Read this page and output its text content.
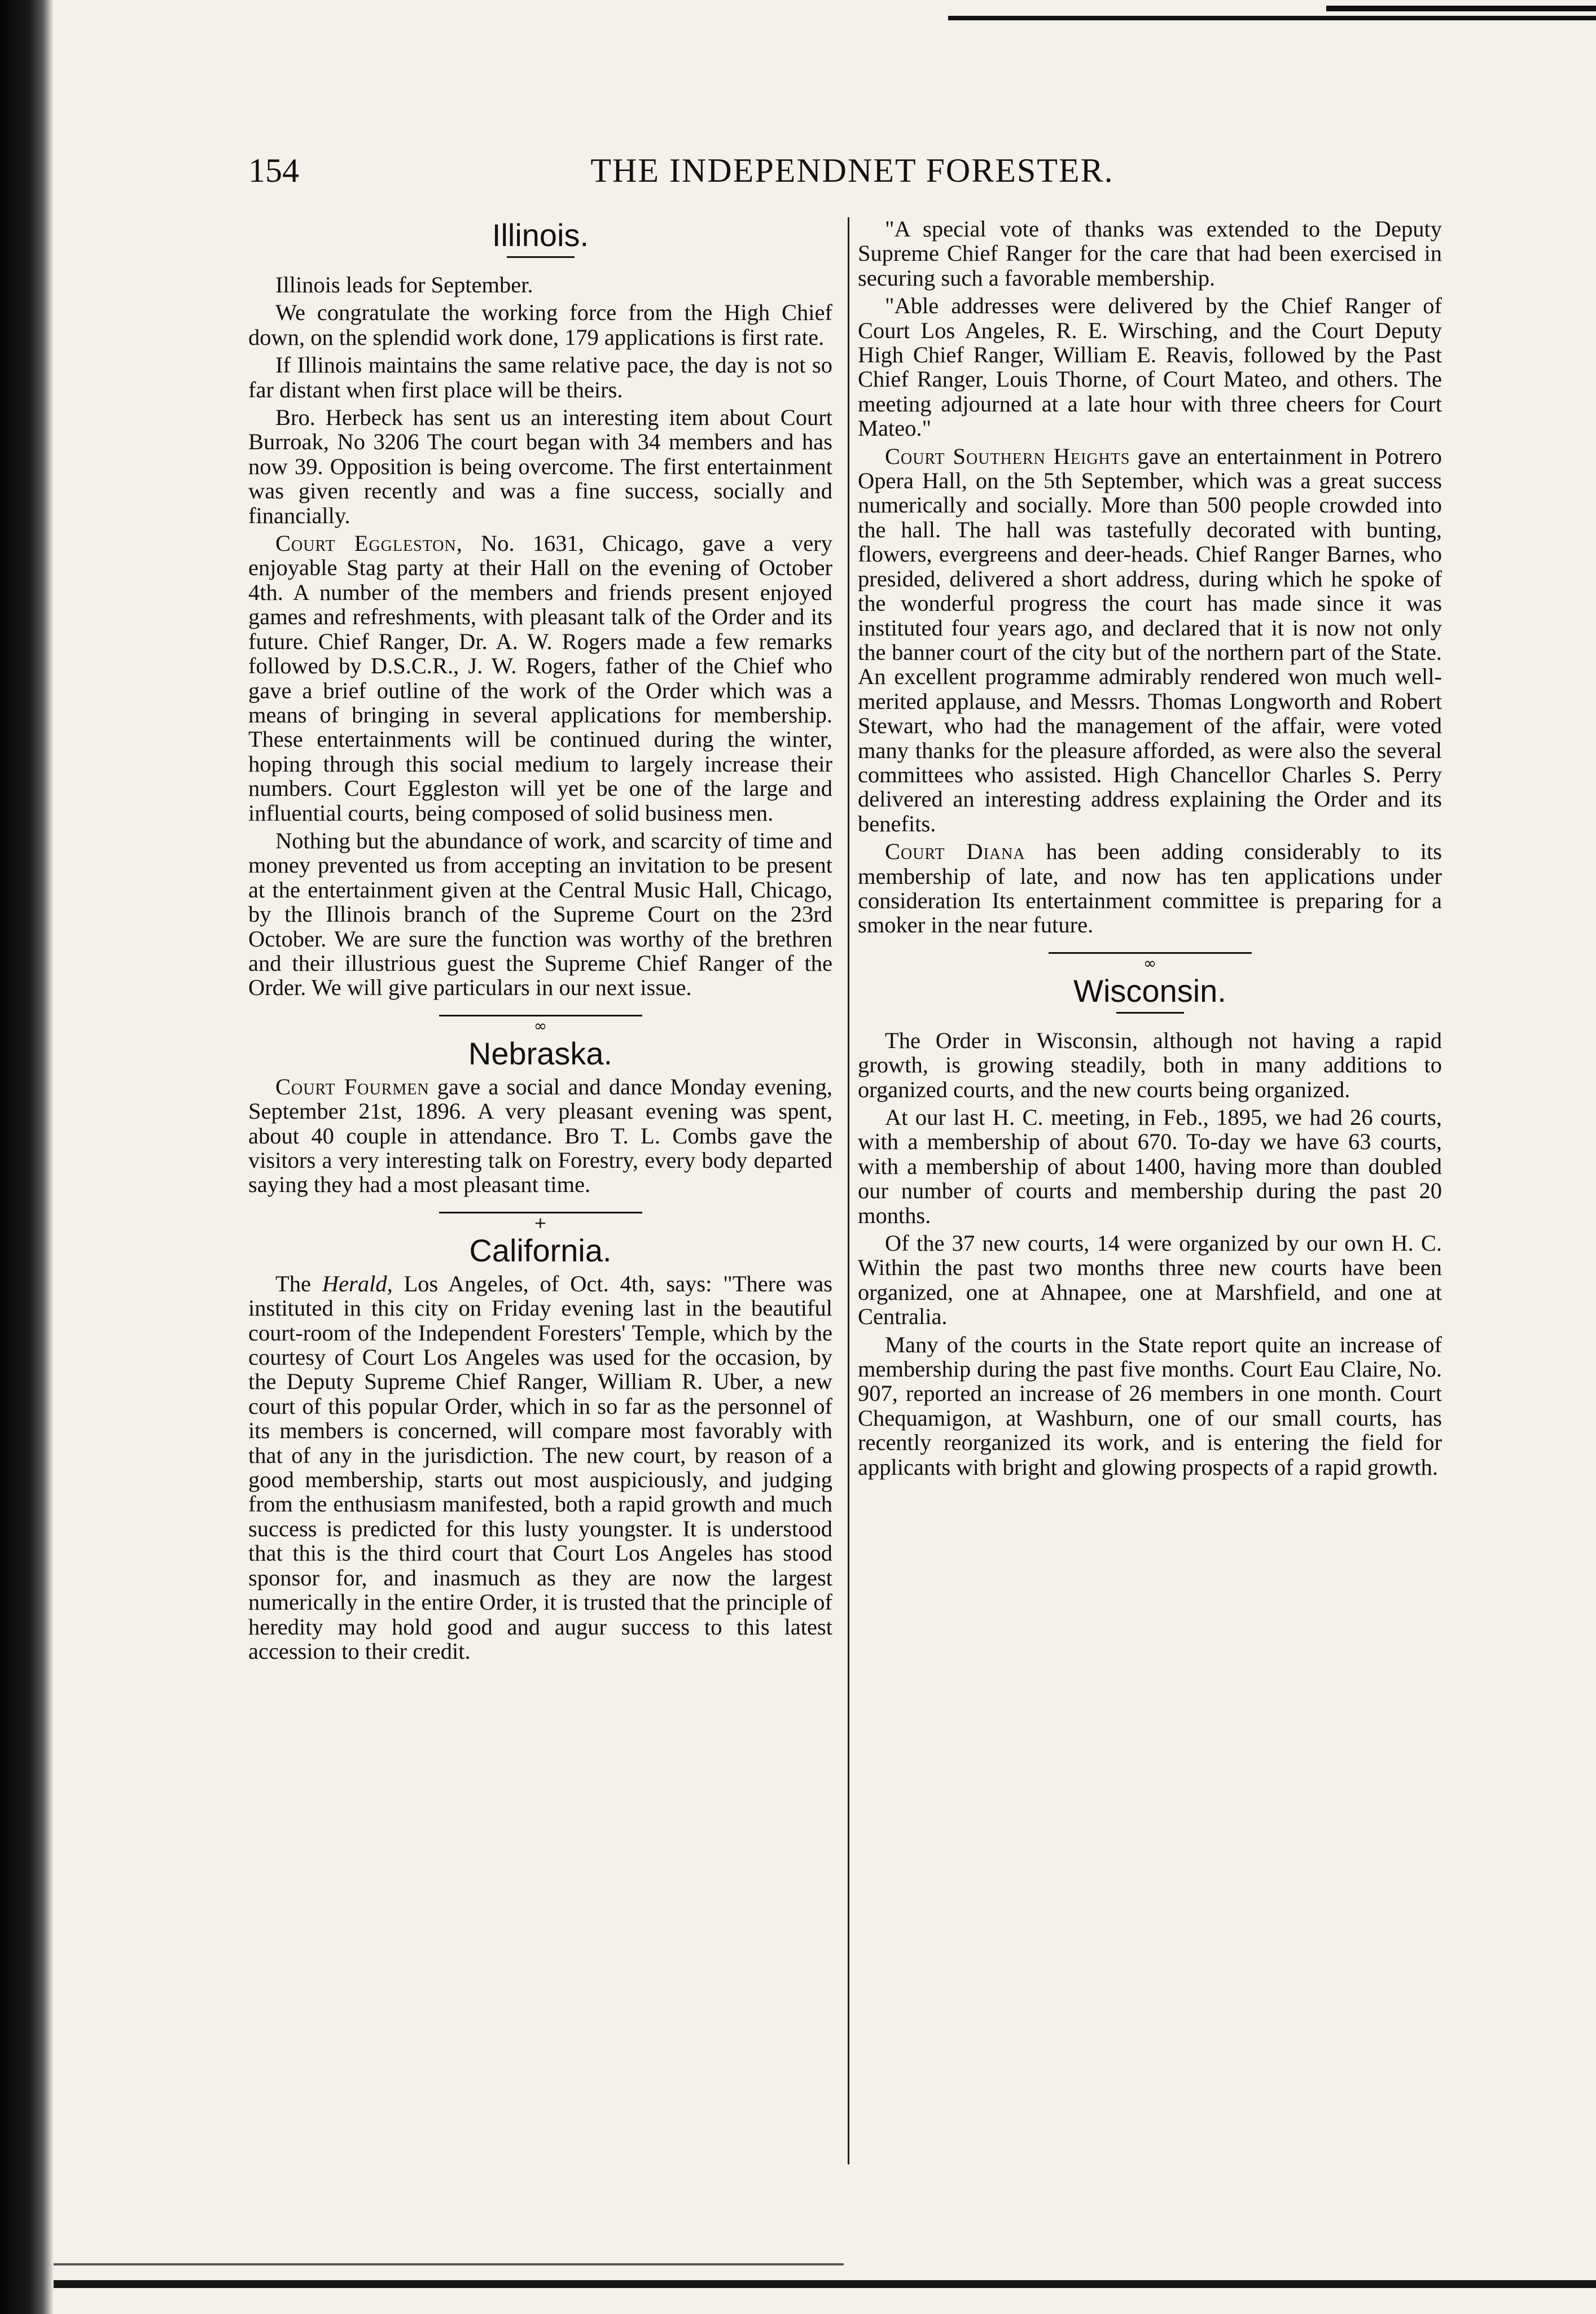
154	THE INDEPENDNET FORESTER.
Illinois.

Illinois leads for September.

We congratulate the working force from the High Chief down, on the splendid work done, 179 applications is first rate.

If Illinois maintains the same relative pace, the day is not so far distant when first place will be theirs.

Bro. Herbeck has sent us an interesting item about Court Burroak, No 3206 The court began with 34 members and has now 39. Opposition is being overcome. The first entertainment was given recently and was a fine success, socially and financially.

Court Eggleston, No. 1631, Chicago, gave a very enjoyable Stag party at their Hall on the evening of October 4th. A number of the members and friends present enjoyed games and refreshments, with pleasant talk of the Order and its future. Chief Ranger, Dr. A. W. Rogers made a few remarks followed by D.S.C.R., J. W. Rogers, father of the Chief who gave a brief outline of the work of the Order which was a means of bringing in several applications for membership. These entertainments will be continued during the winter, hoping through this social medium to largely increase their numbers. Court Eggleston will yet be one of the large and influential courts, being composed of solid business men.

Nothing but the abundance of work, and scarcity of time and money prevented us from accepting an invitation to be present at the entertainment given at the Central Music Hall, Chicago, by the Illinois branch of the Supreme Court on the 23rd October. We are sure the function was worthy of the brethren and their illustrious guest the Supreme Chief Ranger of the Order. We will give particulars in our next issue.

∞
Nebraska.

Court Fourmen gave a social and dance Monday evening, September 21st, 1896. A very pleasant evening was spent, about 40 couple in attendance. Bro T. L. Combs gave the visitors a very interesting talk on Forestry, every body departed saying they had a most pleasant time.

+
California.

The Herald, Los Angeles, of Oct. 4th, says: "There was instituted in this city on Friday evening last in the beautiful court-room of the Independent Foresters' Temple, which by the courtesy of Court Los Angeles was used for the occasion, by the Deputy Supreme Chief Ranger, William R. Uber, a new court of this popular Order, which in so far as the personnel of its members is concerned, will compare most favorably with that of any in the jurisdiction. The new court, by reason of a good membership, starts out most auspiciously, and judging from the enthusiasm manifested, both a rapid growth and much success is predicted for this lusty youngster. It is understood that this is the third court that Court Los Angeles has stood sponsor for, and inasmuch as they are now the largest numerically in the entire Order, it is trusted that the principle of heredity may hold good and augur success to this latest accession to their credit.

"A special vote of thanks was extended to the Deputy Supreme Chief Ranger for the care that had been exercised in securing such a favorable membership.

"Able addresses were delivered by the Chief Ranger of Court Los Angeles, R. E. Wirsching, and the Court Deputy High Chief Ranger, William E. Reavis, followed by the Past Chief Ranger, Louis Thorne, of Court Mateo, and others. The meeting adjourned at a late hour with three cheers for Court Mateo."

Court Southern Heights gave an entertainment in Potrero Opera Hall, on the 5th September, which was a great success numerically and socially. More than 500 people crowded into the hall. The hall was tastefully decorated with bunting, flowers, evergreens and deer-heads. Chief Ranger Barnes, who presided, delivered a short address, during which he spoke of the wonderful progress the court has made since it was instituted four years ago, and declared that it is now not only the banner court of the city but of the northern part of the State. An excellent programme admirably rendered won much well-merited applause, and Messrs. Thomas Longworth and Robert Stewart, who had the management of the affair, were voted many thanks for the pleasure afforded, as were also the several committees who assisted. High Chancellor Charles S. Perry delivered an interesting address explaining the Order and its benefits.

Court Diana has been adding considerably to its membership of late, and now has ten applications under consideration Its entertainment committee is preparing for a smoker in the near future.

∞
Wisconsin.

The Order in Wisconsin, although not having a rapid growth, is growing steadily, both in many additions to organized courts, and the new courts being organized.

At our last H. C. meeting, in Feb., 1895, we had 26 courts, with a membership of about 670. To-day we have 63 courts, with a membership of about 1400, having more than doubled our number of courts and membership during the past 20 months.

Of the 37 new courts, 14 were organized by our own H. C. Within the past two months three new courts have been organized, one at Ahnapee, one at Marshfield, and one at Centralia.

Many of the courts in the State report quite an increase of membership during the past five months. Court Eau Claire, No. 907, reported an increase of 26 members in one month. Court Chequamigon, at Washburn, one of our small courts, has recently reorganized its work, and is entering the field for applicants with bright and glowing prospects of a rapid growth.
